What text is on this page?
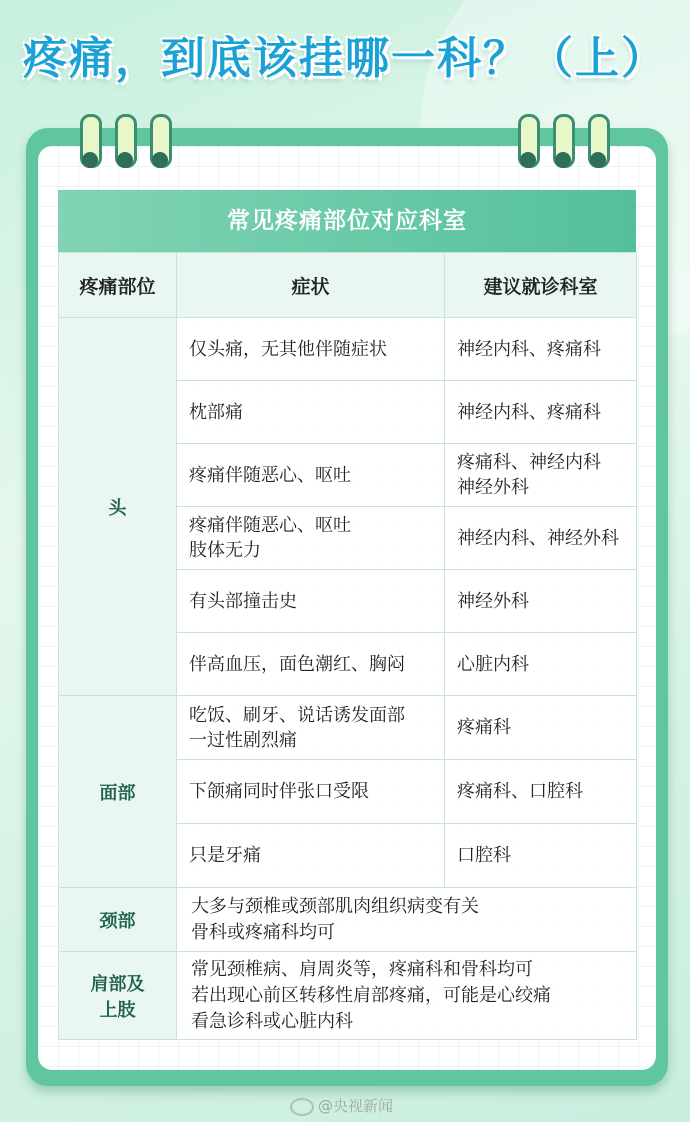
疼痛，到底该挂哪一科？（上）
常见疼痛部位对应科室
疼痛部位	症状	建议就诊科室
头	仅头痛，无其他伴随症状	神经内科、疼痛科

	枕部痛	神经内科、疼痛科

	疼痛伴随恶心、呕吐	疼痛科、神经内科
神经外科

	疼痛伴随恶心、呕吐
肢体无力	神经内科、神经外科

	有头部撞击史	神经外科

	伴高血压，面色潮红、胸闷	心脏内科

面部	吃饭、刷牙、说话诱发面部
一过性剧烈痛	疼痛科

	下颌痛同时伴张口受限	疼痛科、口腔科

	只是牙痛	口腔科

颈部	大多与颈椎或颈部肌肉组织病变有关
骨科或疼痛科均可	

肩部及
上肢	常见颈椎病、肩周炎等，疼痛科和骨科均可
若出现心前区转移性肩部疼痛，可能是心绞痛
看急诊科或心脏内科	
@央视新闻
